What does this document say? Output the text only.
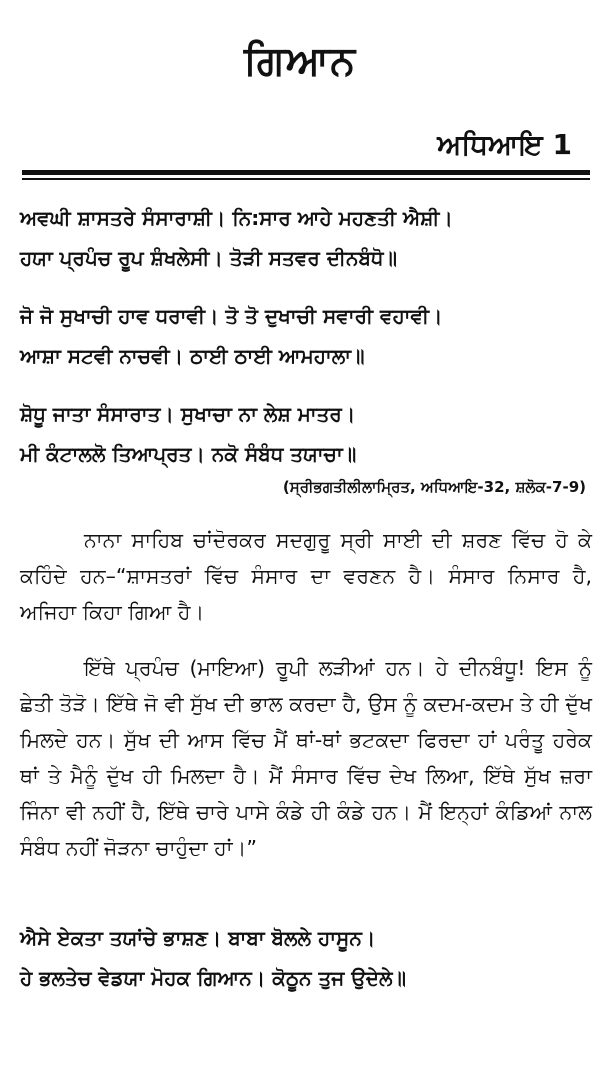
ਗਿਆਨ
ਅਧਿਆਇ 1
ਅਵਘੀ ਸ਼ਾਸਤਰੇ ਸੰਸਾਰਾਸ਼ੀ। ਨਿ:ਸਾਰ ਆਹੇ ਮਹਣਤੀ ਐਸ਼ੀ।
ਹਯਾ ਪ੍ਰਪੰਚ ਰੂਪ ਸ਼ੰਖਲੇਸੀ। ਤੋੜੀ ਸਤਵਰ ਦੀਨਬੰਧੋ॥
ਜੋ ਜੋ ਸੁਖਾਚੀ ਹਾਵ ਧਰਾਵੀ। ਤੋ ਤੋ ਦੁਖਾਚੀ ਸਵਾਰੀ ਵਹਾਵੀ।
ਆਸ਼ਾ ਸਟਵੀ ਨਾਚਵੀ। ਠਾਈ ਠਾਈ ਆਮਹਾਲਾ॥
ਸ਼ੋਧੂ ਜਾਤਾ ਸੰਸਾਰਾਤ। ਸੁਖਾਚਾ ਨਾ ਲੇਸ਼ ਮਾਤਰ।
ਮੀ ਕੰਟਾਲਲੋ ਤਿਆਪ੍ਰਤ। ਨਕੋ ਸੰਬੰਧ ਤਯਾਚਾ॥
(ਸ੍ਰੀਭਗਤੀਲੀਲਾਮ੍ਰਿਤ, ਅਧਿਆਇ-32, ਸ਼ਲੋਕ-7-9)
ਨਾਨਾ ਸਾਹਿਬ ਚਾਂਦੋਰਕਰ ਸਦਗੁਰੂ ਸ੍ਰੀ ਸਾਈ ਦੀ ਸ਼ਰਣ ਵਿੱਚ ਹੋ ਕੇ ਕਹਿੰਦੇ ਹਨ–“ਸ਼ਾਸਤਰਾਂ ਵਿੱਚ ਸੰਸਾਰ ਦਾ ਵਰਣਨ ਹੈ। ਸੰਸਾਰ ਨਿਸਾਰ ਹੈ, ਅਜਿਹਾ ਕਿਹਾ ਗਿਆ ਹੈ।
ਇੱਥੇ ਪ੍ਰਪੰਚ (ਮਾਇਆ) ਰੂਪੀ ਲੜੀਆਂ ਹਨ। ਹੇ ਦੀਨਬੰਧੂ! ਇਸ ਨੂੰ ਛੇਤੀ ਤੋੜੋ। ਇੱਥੇ ਜੋ ਵੀ ਸੁੱਖ ਦੀ ਭਾਲ ਕਰਦਾ ਹੈ, ਉਸ ਨੂੰ ਕਦਮ-ਕਦਮ ਤੇ ਹੀ ਦੁੱਖ ਮਿਲਦੇ ਹਨ। ਸੁੱਖ ਦੀ ਆਸ ਵਿੱਚ ਮੈਂ ਥਾਂ-ਥਾਂ ਭਟਕਦਾ ਫਿਰਦਾ ਹਾਂ ਪਰੰਤੂ ਹਰੇਕ ਥਾਂ ਤੇ ਮੈਨੂੰ ਦੁੱਖ ਹੀ ਮਿਲਦਾ ਹੈ। ਮੈਂ ਸੰਸਾਰ ਵਿੱਚ ਦੇਖ ਲਿਆ, ਇੱਥੇ ਸੁੱਖ ਜ਼ਰਾ ਜਿੰਨਾ ਵੀ ਨਹੀਂ ਹੈ, ਇੱਥੇ ਚਾਰੇ ਪਾਸੇ ਕੰਡੇ ਹੀ ਕੰਡੇ ਹਨ। ਮੈਂ ਇਨ੍ਹਾਂ ਕੰਡਿਆਂ ਨਾਲ ਸੰਬੰਧ ਨਹੀਂ ਜੋੜਨਾ ਚਾਹੁੰਦਾ ਹਾਂ।”
ਐਸੇ ਏਕਤਾ ਤਯਾਂਚੇ ਭਾਸ਼ਣ। ਬਾਬਾ ਬੋਲਲੇ ਹਾਸੂਨ।
ਹੇ ਭਲਤੇਚ ਵੇਡਯਾ ਮੋਹਕ ਗਿਆਨ। ਕੋਠੂਨ ਤੁਜ ਉਦੇਲੇ॥
